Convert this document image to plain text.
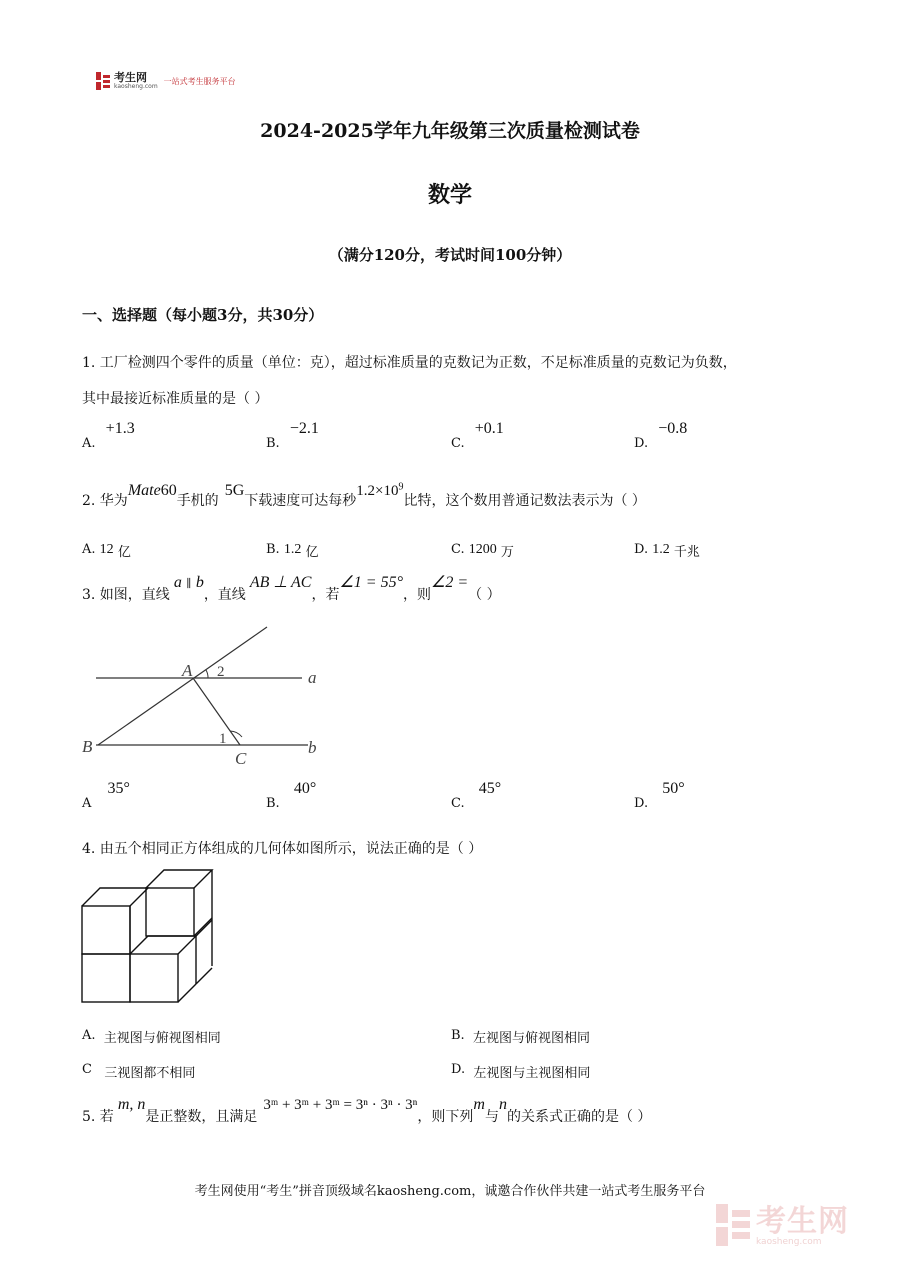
考生网
kaosheng.com
一站式考生服务平台
2024-2025学年九年级第三次质量检测试卷
数学
（满分120分，考试时间100分钟）
一、选择题（每小题3分，共30分）
1. 工厂检测四个零件的质量（单位：克），超过标准质量的克数记为正数，不足标准质量的克数记为负数，
其中最接近标准质量的是（ ）
A. +1.3
B. −2.1
C. +0.1
D. −0.8
2. 华为Mate60手机的5G下载速度可达每秒$1.2\times 10^9$比特，这个数用普通记数法表示为（ ）
A. 12 亿	B. 1.2 亿	C. 1200 万	D. 1.2 千兆
3. 如图，直线a ∥ b，直线AB ⊥ AC，若∠1 = 55°，则∠2 =（ ）
A 2	a
B	1
C
b
A 35°
B. 40°
C. 45°
D. 50°
4. 由五个相同正方体组成的几何体如图所示，说法正确的是（ ）
A. 主视图与俯视图相同	B. 左视图与俯视图相同
C 三视图都不相同	D. 左视图与主视图相同
5. 若m, n是正整数，且满足3ᵐ + 3ᵐ + 3ᵐ = 3ⁿ · 3ⁿ · 3ⁿ，则下列m与n的关系式正确的是（ ）
考生网使用“考生”拼音顶级域名kaosheng.com，诚邀合作伙伴共建一站式考生服务平台
考生网
kaosheng.com
